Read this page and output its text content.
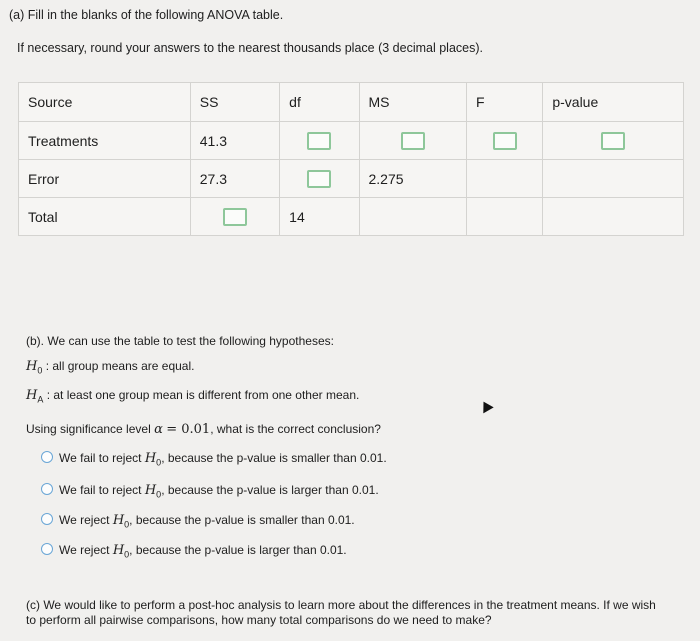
(a) Fill in the blanks of the following ANOVA table.
If necessary, round your answers to the nearest thousands place (3 decimal places).
Source	SS	df	MS	F	p-value
Treatments	41.3				
Error	27.3		2.275		
Total		14			
(b). We can use the table to test the following hypotheses:
$H_0$ : all group means are equal.
$H_A$ : at least one group mean is different from one other mean.
Using significance level α = 0.01, what is the correct conclusion?
We fail to reject $H_0$, because the p-value is smaller than 0.01.
We fail to reject $H_0$, because the p-value is larger than 0.01.
We reject $H_0$, because the p-value is smaller than 0.01.
We reject $H_0$, because the p-value is larger than 0.01.
(c) We would like to perform a post-hoc analysis to learn more about the differences in the treatment means. If we wish to perform all pairwise comparisons, how many total comparisons do we need to make?
